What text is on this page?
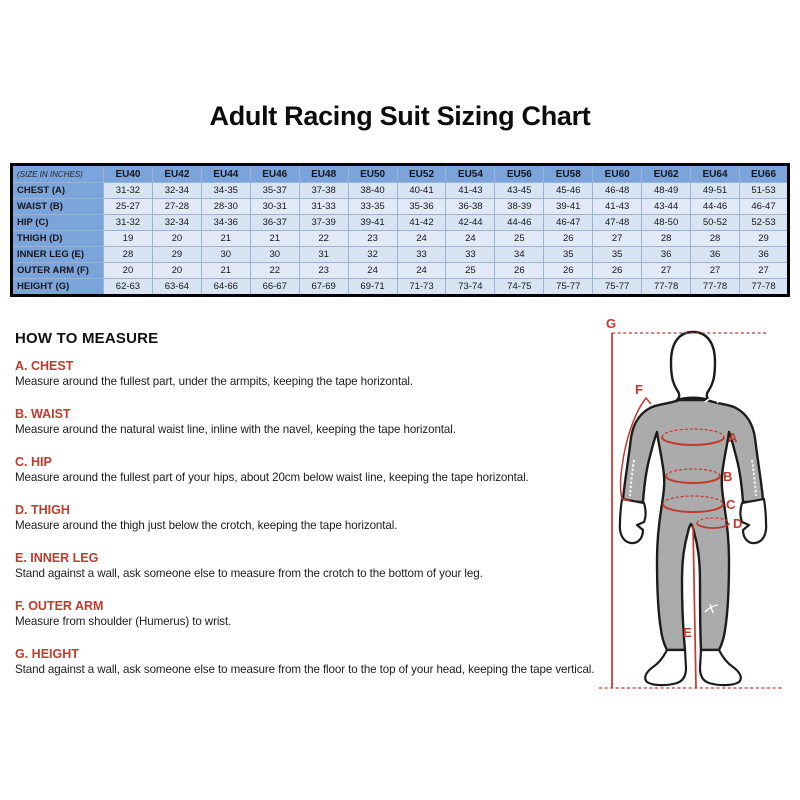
Adult Racing Suit Sizing Chart
(SIZE IN INCHES)	EU40	EU42	EU44	EU46	EU48	EU50	EU52	EU54	EU56	EU58	EU60	EU62	EU64	EU66
CHEST (A)	31-32	32-34	34-35	35-37	37-38	38-40	40-41	41-43	43-45	45-46	46-48	48-49	49-51	51-53
WAIST (B)	25-27	27-28	28-30	30-31	31-33	33-35	35-36	36-38	38-39	39-41	41-43	43-44	44-46	46-47
HIP (C)	31-32	32-34	34-36	36-37	37-39	39-41	41-42	42-44	44-46	46-47	47-48	48-50	50-52	52-53
THIGH (D)	19	20	21	21	22	23	24	24	25	26	27	28	28	29
INNER LEG (E)	28	29	30	30	31	32	33	33	34	35	35	36	36	36
OUTER ARM (F)	20	20	21	22	23	24	24	25	26	26	26	27	27	27
HEIGHT (G)	62-63	63-64	64-66	66-67	67-69	69-71	71-73	73-74	74-75	75-77	75-77	77-78	77-78	77-78
HOW TO MEASURE
A. CHEST
Measure around the fullest part, under the armpits, keeping the tape horizontal.
B. WAIST
Measure around the natural waist line, inline with the navel, keeping the tape horizontal.
C. HIP
Measure around the fullest part of your hips, about 20cm below waist line, keeping the tape horizontal.
D. THIGH
Measure around the thigh just below the crotch, keeping the tape horizontal.
E. INNER LEG
Stand against a wall, ask someone else to measure from the crotch to the bottom of your leg.
F. OUTER ARM
Measure from shoulder (Humerus) to wrist.
G. HEIGHT
Stand against a wall, ask someone else to measure from the floor to the top of your head, keeping the tape vertical.
G
F
A
B
C
D
E
